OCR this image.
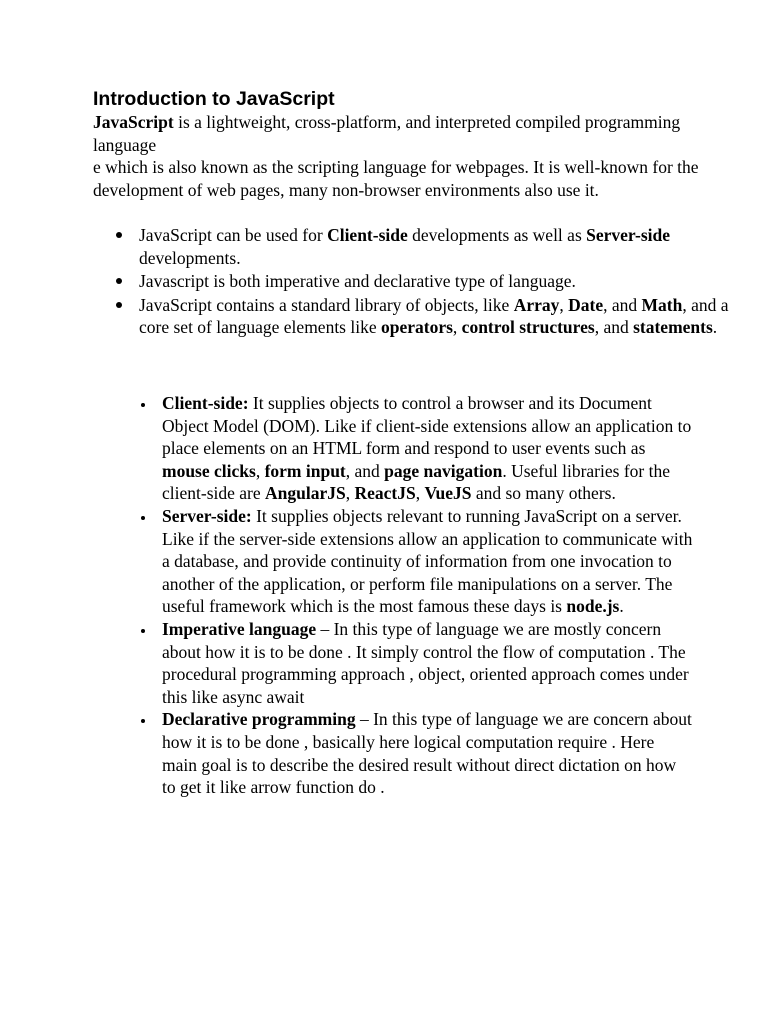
Introduction to JavaScript

JavaScript is a lightweight, cross-platform, and interpreted compiled programming language

e which is also known as the scripting language for webpages. It is well-known for the development of web pages, many non-browser environments also use it.

JavaScript can be used for Client-side developments as well as Server-side developments.
Javascript is both imperative and declarative type of language.
JavaScript contains a standard library of objects, like Array, Date, and Math, and a core set of language elements like operators, control structures, and statements.
Client-side: It supplies objects to control a browser and its Document Object Model (DOM). Like if client-side extensions allow an application to place elements on an HTML form and respond to user events such as mouse clicks, form input, and page navigation. Useful libraries for the client-side are AngularJS, ReactJS, VueJS and so many others.
Server-side: It supplies objects relevant to running JavaScript on a server. Like if the server-side extensions allow an application to communicate with a database, and provide continuity of information from one invocation to another of the application, or perform file manipulations on a server. The useful framework which is the most famous these days is node.js.
Imperative language – In this type of language we are mostly concern about how it is to be done . It simply control the flow of computation . The procedural programming approach , object, oriented approach comes under this like async await
Declarative programming – In this type of language we are concern about how it is to be done , basically here logical computation require . Here main goal is to describe the desired result without direct dictation on how to get it like arrow function do .
